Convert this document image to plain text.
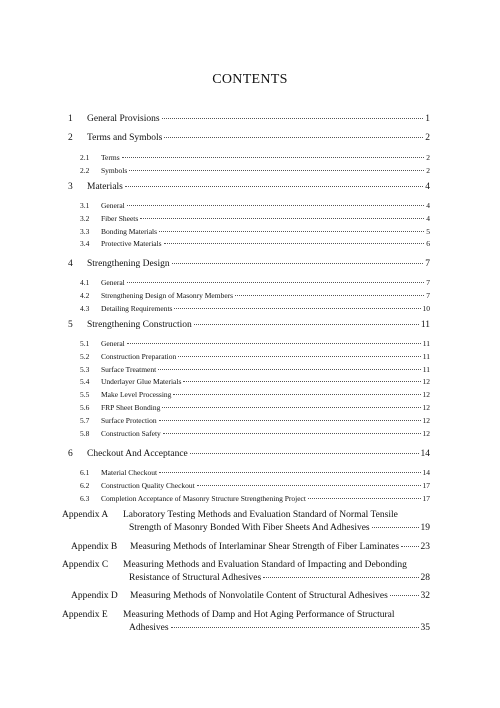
CONTENTS
1	General Provisions	1
2	Terms and Symbols	2
2.1	Terms	2
2.2	Symbols	2
3	Materials	4
3.1	General	4
3.2	Fiber Sheets	4
3.3	Bonding Materials	5
3.4	Protective Materials	6
4	Strengthening Design	7
4.1	General	7
4.2	Strengthening Design of Masonry Members	7
4.3	Detailing Requirements	10
5	Strengthening Construction	11
5.1	General	11
5.2	Construction Preparation	11
5.3	Surface Treatment	11
5.4	Underlayer Glue Materials	12
5.5	Make Level Processing	12
5.6	FRP Sheet Bonding	12
5.7	Surface Protection	12
5.8	Construction Safety	12
6	Checkout And Acceptance	14
6.1	Material Checkout	14
6.2	Construction Quality Checkout	17
6.3	Completion Acceptance of Masonry Structure Strengthening Project	17
Appendix A Laboratory Testing Methods and Evaluation Standard of Normal Tensile
Strength of Masonry Bonded With Fiber Sheets And Adhesives	19
Appendix B Measuring Methods of Interlaminar Shear Strength of Fiber Laminates 23
Appendix C Measuring Methods and Evaluation Standard of Impacting and Debonding
Resistance of Structural Adhesives	28
Appendix D Measuring Methods of Nonvolatile Content of Structural Adhesives	32
Appendix E Measuring Methods of Damp and Hot Aging Performance of Structural
Adhesives	35
